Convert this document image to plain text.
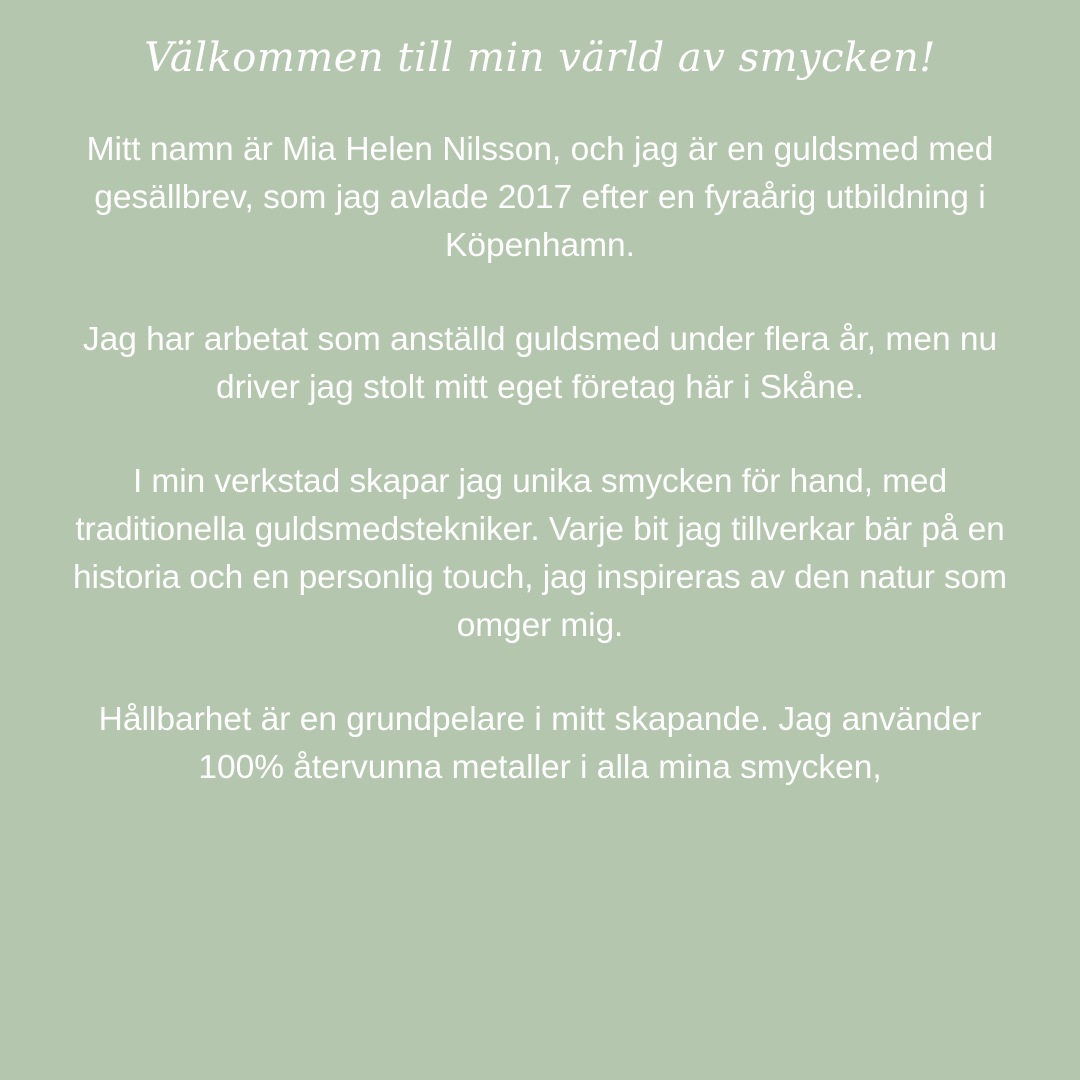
Välkommen till min värld av smycken!

Mitt namn är Mia Helen Nilsson, och jag är en guldsmed med gesällbrev, som jag avlade 2017 efter en fyraårig utbildning i Köpenhamn.

Jag har arbetat som anställd guldsmed under flera år, men nu driver jag stolt mitt eget företag här i Skåne.

I min verkstad skapar jag unika smycken för hand, med traditionella guldsmedstekniker. Varje bit jag tillverkar bär på en historia och en personlig touch, jag inspireras av den natur som omger mig.

Hållbarhet är en grundpelare i mitt skapande. Jag använder 100% återvunna metaller i alla mina smycken,
